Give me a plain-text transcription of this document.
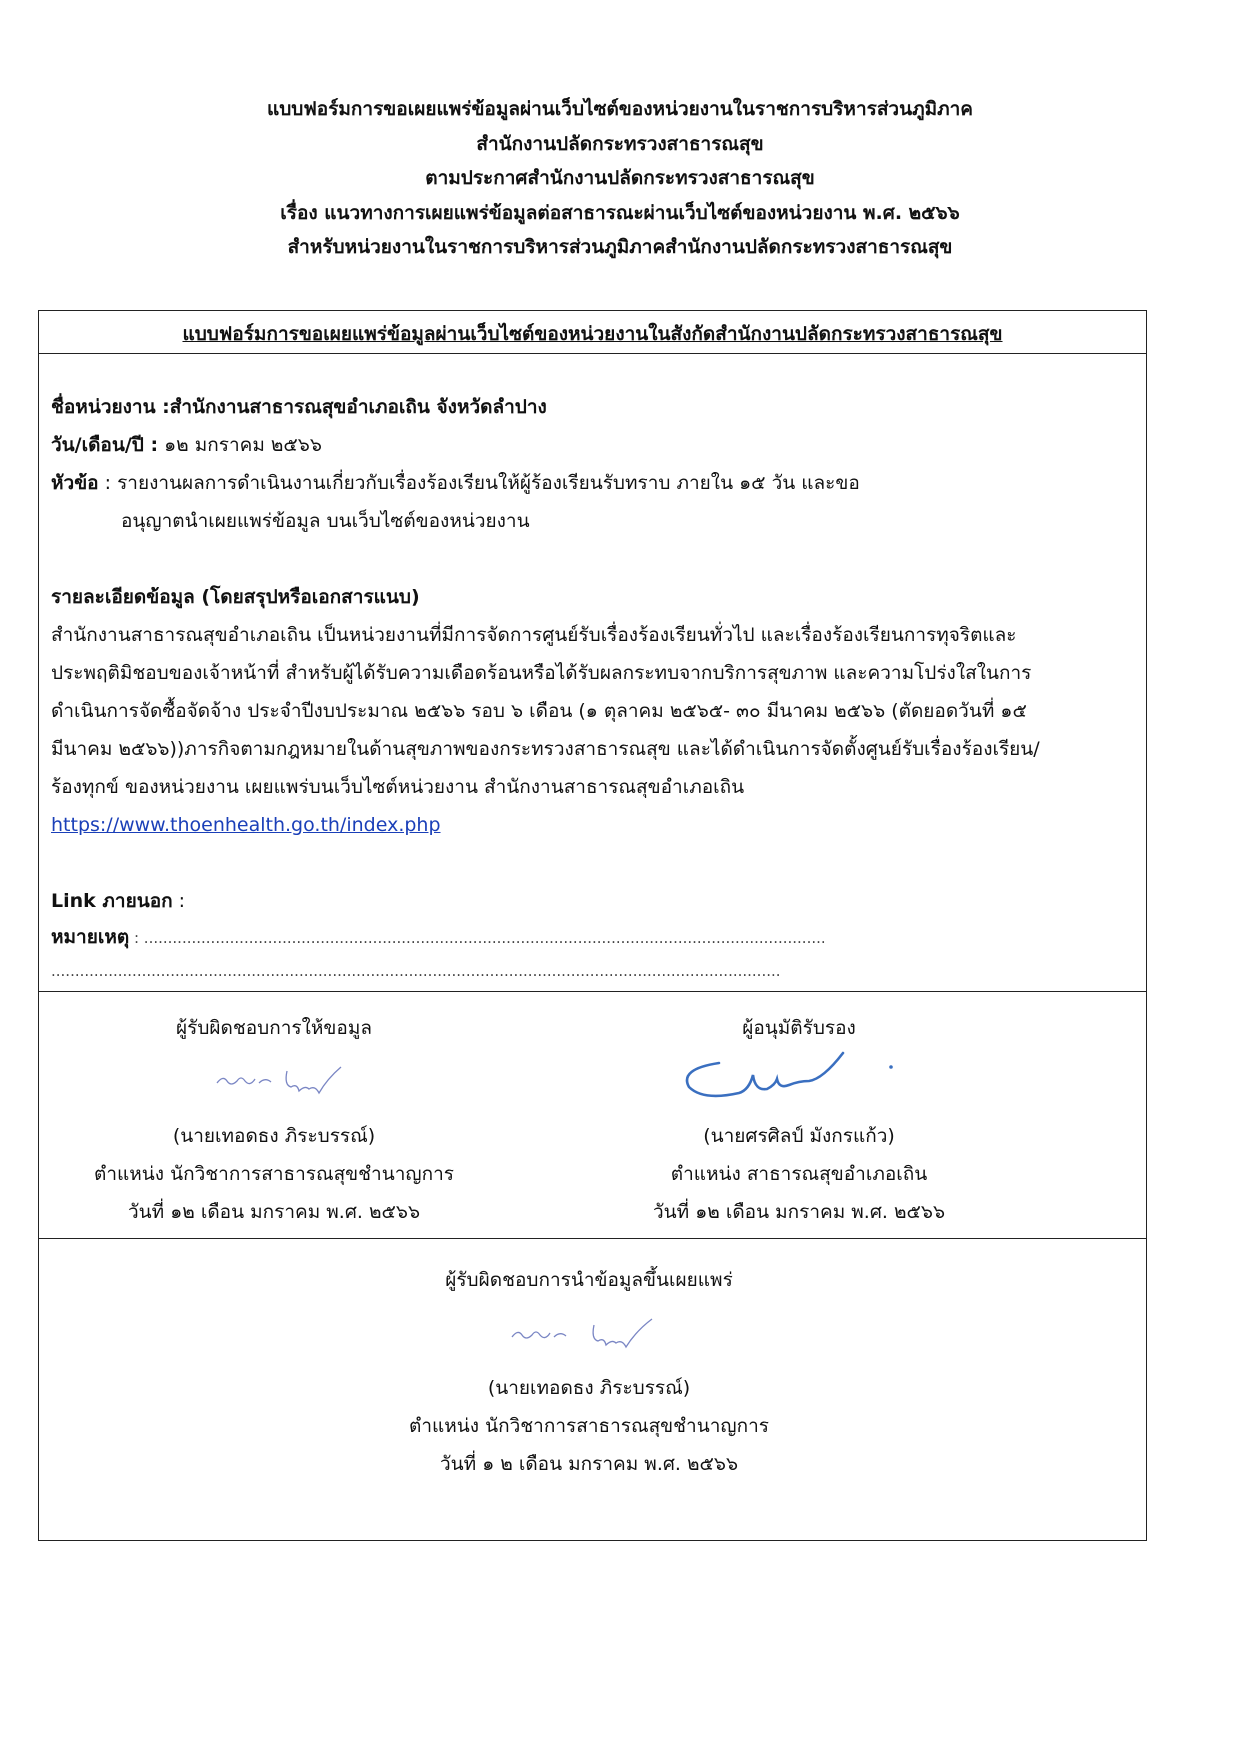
แบบฟอร์มการขอเผยแพร่ข้อมูลผ่านเว็บไซต์ของหน่วยงานในราชการบริหารส่วนภูมิภาค
สำนักงานปลัดกระทรวงสาธารณสุข
ตามประกาศสำนักงานปลัดกระทรวงสาธารณสุข
เรื่อง แนวทางการเผยแพร่ข้อมูลต่อสาธารณะผ่านเว็บไซต์ของหน่วยงาน พ.ศ. ๒๕๖๖
สำหรับหน่วยงานในราชการบริหารส่วนภูมิภาคสำนักงานปลัดกระทรวงสาธารณสุข
แบบฟอร์มการขอเผยแพร่ข้อมูลผ่านเว็บไซต์ของหน่วยงานในสังกัดสำนักงานปลัดกระทรวงสาธารณสุข
ชื่อหน่วยงาน :สำนักงานสาธารณสุขอำเภอเถิน จังหวัดลำปาง
วัน/เดือน/ปี : ๑๒ มกราคม ๒๕๖๖
หัวข้อ : รายงานผลการดำเนินงานเกี่ยวกับเรื่องร้องเรียนให้ผู้ร้องเรียนรับทราบ ภายใน ๑๕ วัน และขอ
อนุญาตนำเผยแพร่ข้อมูล บนเว็บไซต์ของหน่วยงาน
รายละเอียดข้อมูล (โดยสรุปหรือเอกสารแนบ)
สำนักงานสาธารณสุขอำเภอเถิน เป็นหน่วยงานที่มีการจัดการศูนย์รับเรื่องร้องเรียนทั่วไป และเรื่องร้องเรียนการทุจริตและ
ประพฤติมิชอบของเจ้าหน้าที่ สำหรับผู้ได้รับความเดือดร้อนหรือได้รับผลกระทบจากบริการสุขภาพ และความโปร่งใสในการ
ดำเนินการจัดซื้อจัดจ้าง ประจำปีงบประมาณ ๒๕๖๖ รอบ ๖ เดือน (๑ ตุลาคม ๒๕๖๕- ๓๐ มีนาคม ๒๕๖๖ (ตัดยอดวันที่ ๑๕
มีนาคม ๒๕๖๖))ภารกิจตามกฎหมายในด้านสุขภาพของกระทรวงสาธารณสุข และได้ดำเนินการจัดตั้งศูนย์รับเรื่องร้องเรียน/
ร้องทุกข์ ของหน่วยงาน เผยแพร่บนเว็บไซต์หน่วยงาน สำนักงานสาธารณสุขอำเภอเถิน
https://www.thoenhealth.go.th/index.php
Link ภายนอก :
หมายเหตุ : ...............................................................................................................................................
.........................................................................................................................................................
ผู้รับผิดชอบการให้ขอมูล
(นายเทอดธง ภิระบรรณ์)
ตำแหน่ง นักวิชาการสาธารณสุขชำนาญการ
วันที่ ๑๒ เดือน มกราคม พ.ศ. ๒๕๖๖
ผู้อนุมัติรับรอง
(นายศรศิลป์ มังกรแก้ว)
ตำแหน่ง สาธารณสุขอำเภอเถิน
วันที่ ๑๒ เดือน มกราคม พ.ศ. ๒๕๖๖
ผู้รับผิดชอบการนำข้อมูลขึ้นเผยแพร่
(นายเทอดธง ภิระบรรณ์)
ตำแหน่ง นักวิชาการสาธารณสุขชำนาญการ
วันที่ ๑ ๒ เดือน มกราคม พ.ศ. ๒๕๖๖
